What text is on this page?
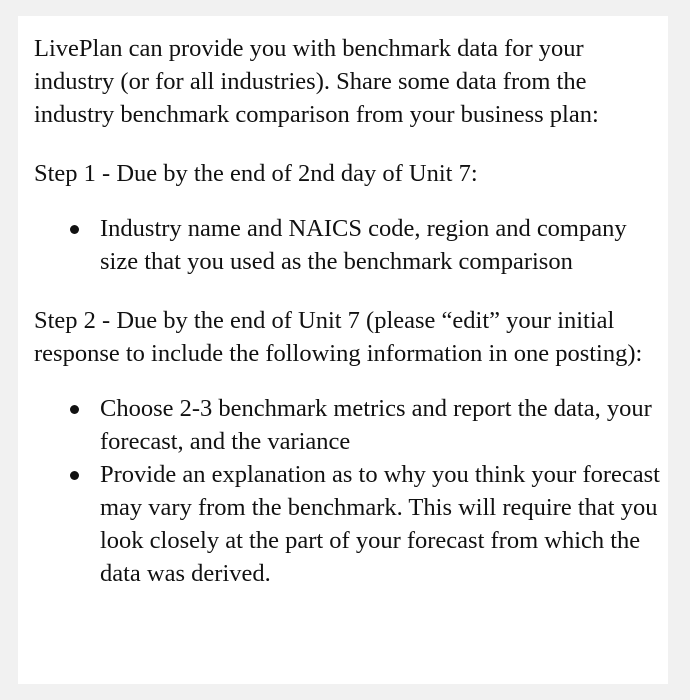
LivePlan can provide you with benchmark data for your industry (or for all industries). Share some data from the industry benchmark comparison from your business plan:

Step 1 - Due by the end of 2nd day of Unit 7:

Industry name and NAICS code, region and company size that you used as the benchmark comparison

Step 2 - Due by the end of Unit 7 (please “edit” your initial response to include the following information in one posting):

Choose 2-3 benchmark metrics and report the data, your forecast, and the variance
Provide an explanation as to why you think your forecast may vary from the benchmark. This will require that you look closely at the part of your forecast from which the data was derived.
